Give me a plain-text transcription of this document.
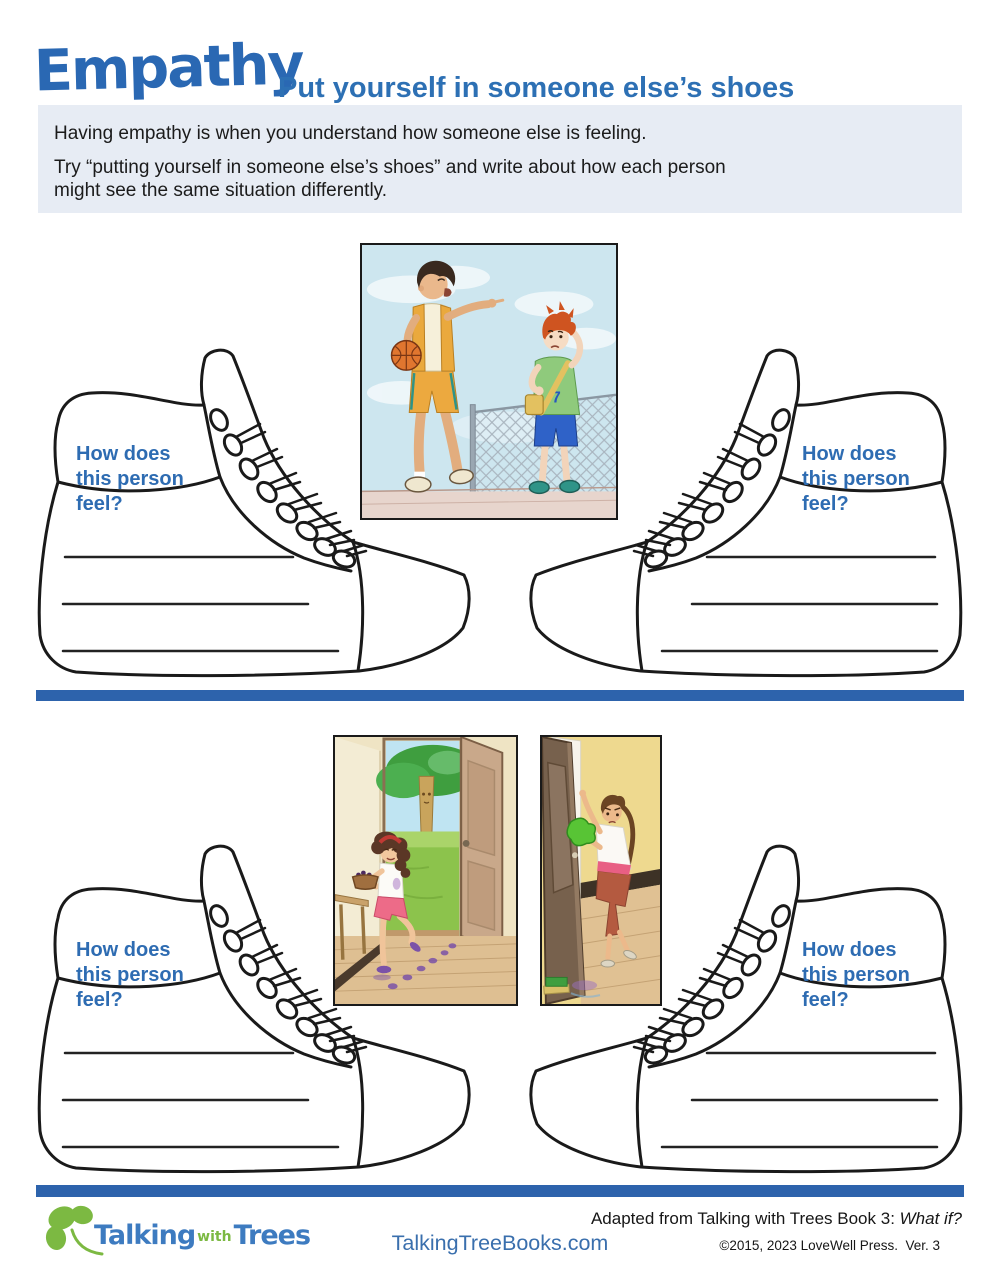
Empathy
Put yourself in someone else’s shoes

Having empathy is when you understand how someone else is feeling.

Try “putting yourself in someone else’s shoes” and write about how each person might see the same situation differently.

7
How does this person feel?
How does this person feel?
How does this person feel?
How does this person feel?
Talking withTrees	TalkingTreeBooks.com
Adapted from Talking with Trees Book 3: What if?
©2015, 2023 LoveWell Press.  Ver. 3
